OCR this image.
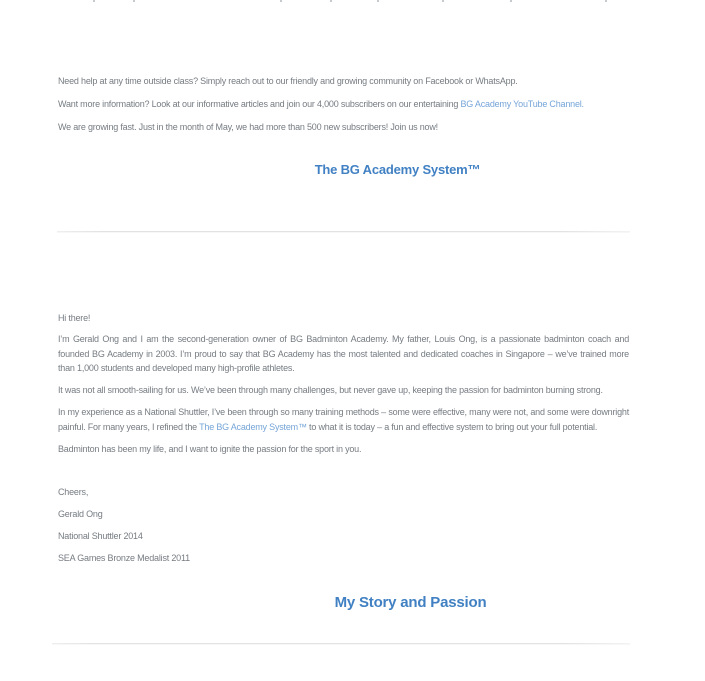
Need help at any time outside class? Simply reach out to our friendly and growing community on Facebook or WhatsApp.

Want more information? Look at our informative articles and join our 4,000 subscribers on our entertaining BG Academy YouTube Channel.

We are growing fast. Just in the month of May, we had more than 500 new subscribers! Join us now!

The BG Academy System™

Hi there!

I’m Gerald Ong and I am the second-generation owner of BG Badminton Academy. My father, Louis Ong, is a passionate badminton coach and founded BG Academy in 2003. I’m proud to say that BG Academy has the most talented and dedicated coaches in Singapore – we’ve trained more than 1,000 students and developed many high-profile athletes.

It was not all smooth-sailing for us. We’ve been through many challenges, but never gave up, keeping the passion for badminton burning strong.

In my experience as a National Shuttler, I’ve been through so many training methods – some were effective, many were not, and some were downright painful. For many years, I refined the The BG Academy System™ to what it is today – a fun and effective system to bring out your full potential.

Badminton has been my life, and I want to ignite the passion for the sport in you.

Cheers,

Gerald Ong

National Shuttler 2014

SEA Games Bronze Medalist 2011

My Story and Passion
